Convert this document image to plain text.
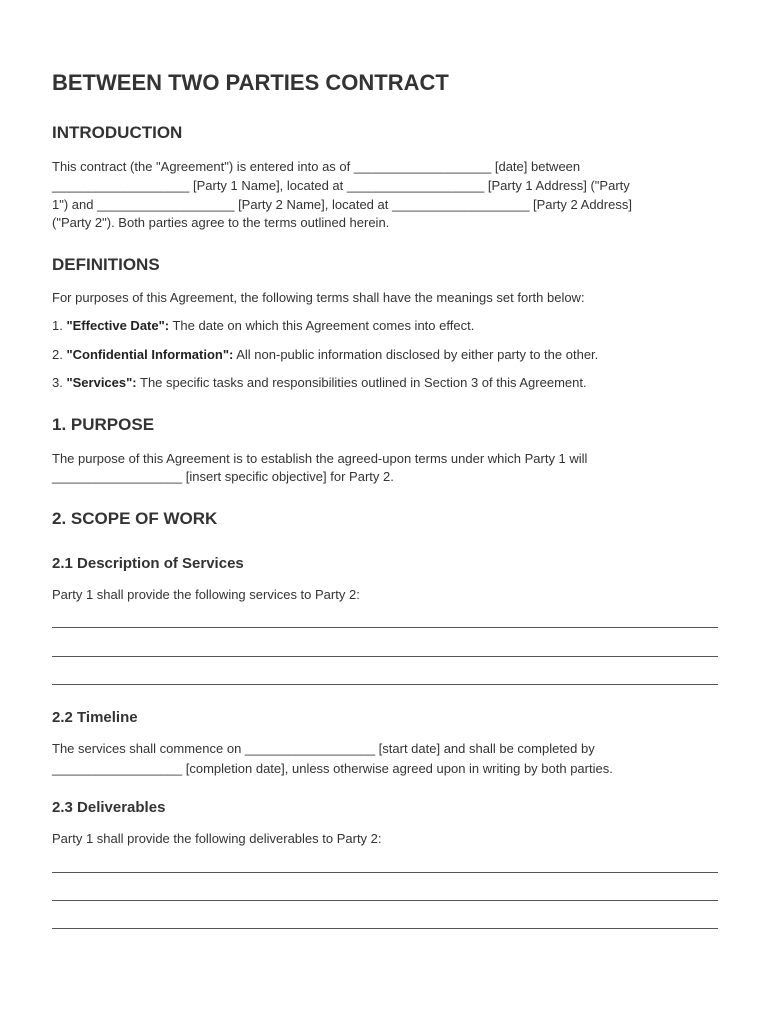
BETWEEN TWO PARTIES CONTRACT
INTRODUCTION

This contract (the "Agreement") is entered into as of ___________________ [date] between

___________________ [Party 1 Name], located at ___________________ [Party 1 Address] ("Party

1") and ___________________ [Party 2 Name], located at ___________________ [Party 2 Address]

("Party 2"). Both parties agree to the terms outlined herein.

DEFINITIONS

For purposes of this Agreement, the following terms shall have the meanings set forth below:

1. "Effective Date": The date on which this Agreement comes into effect.

2. "Confidential Information": All non-public information disclosed by either party to the other.

3. "Services": The specific tasks and responsibilities outlined in Section 3 of this Agreement.

1. PURPOSE

The purpose of this Agreement is to establish the agreed-upon terms under which Party 1 will

__________________ [insert specific objective] for Party 2.

2. SCOPE OF WORK
2.1 Description of Services

Party 1 shall provide the following services to Party 2:

2.2 Timeline

The services shall commence on __________________ [start date] and shall be completed by

__________________ [completion date], unless otherwise agreed upon in writing by both parties.

2.3 Deliverables

Party 1 shall provide the following deliverables to Party 2:
